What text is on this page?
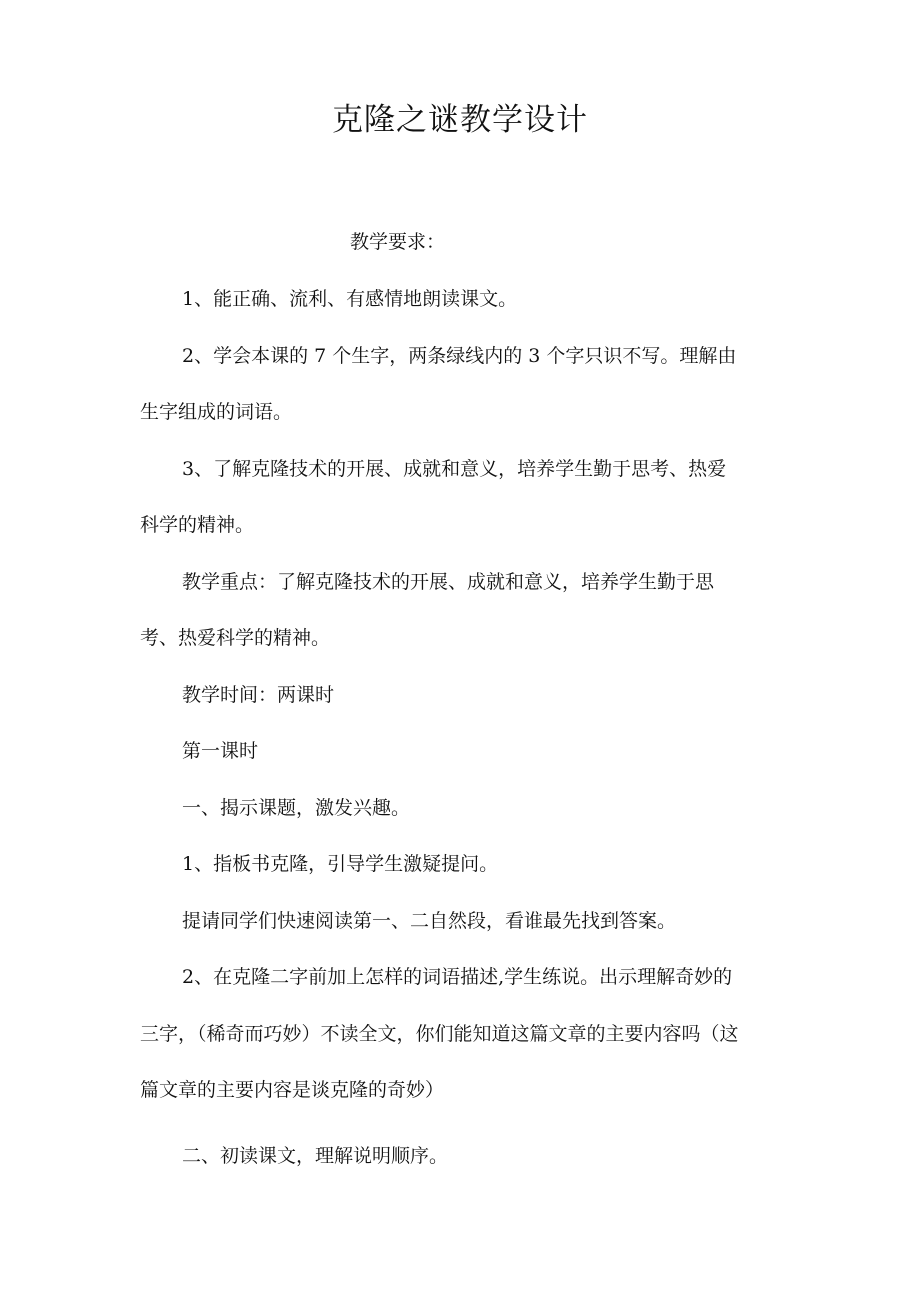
克隆之谜教学设计

教学要求：

1、能正确、流利、有感情地朗读课文。

2、学会本课的 7 个生字，两条绿线内的 3 个字只识不写。理解由

生字组成的词语。

3、了解克隆技术的开展、成就和意义，培养学生勤于思考、热爱

科学的精神。

教学重点：了解克隆技术的开展、成就和意义，培养学生勤于思

考、热爱科学的精神。

教学时间：两课时

第一课时

一、揭示课题，激发兴趣。

1、指板书克隆，引导学生激疑提问。

提请同学们快速阅读第一、二自然段，看谁最先找到答案。

2、在克隆二字前加上怎样的词语描述,学生练说。出示理解奇妙的

三字，（稀奇而巧妙）不读全文，你们能知道这篇文章的主要内容吗（这

篇文章的主要内容是谈克隆的奇妙）

二、初读课文，理解说明顺序。
